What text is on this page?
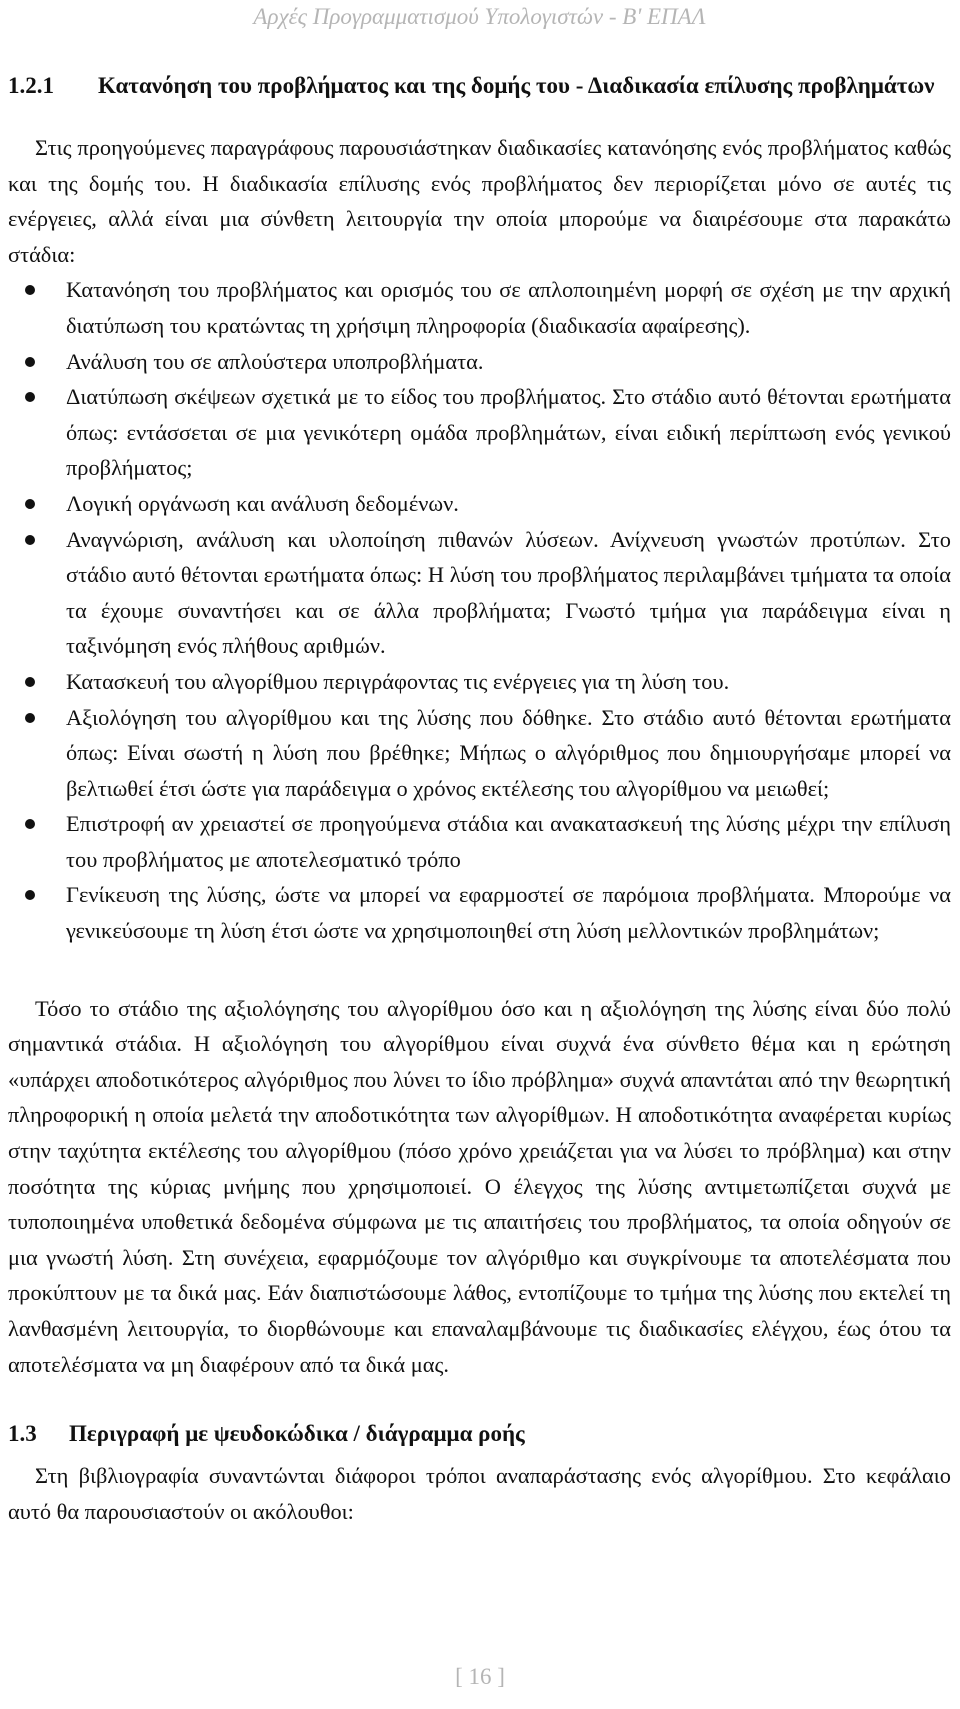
Αρχές Προγραμματισμού Υπολογιστών - Β' ΕΠΑΛ
1.2.1	Κατανόηση του προβλήματος και της δομής του - Διαδικασία επίλυσης προβλημάτων

Στις προηγούμενες παραγράφους παρουσιάστηκαν διαδικασίες κατανόησης ενός προβλήματος καθώς και της δομής του. Η διαδικασία επίλυσης ενός προβλήματος δεν περιορίζεται μόνο σε αυτές τις ενέργειες, αλλά είναι μια σύνθετη λειτουργία την οποία μπορούμε να διαιρέσουμε στα παρακάτω στάδια:

Κατανόηση του προβλήματος και ορισμός του σε απλοποιημένη μορφή σε σχέση με την αρχική διατύπωση του κρατώντας τη χρήσιμη πληροφορία (διαδικασία αφαίρεσης).
Ανάλυση του σε απλούστερα υποπροβλήματα.
Διατύπωση σκέψεων σχετικά με το είδος του προβλήματος. Στο στάδιο αυτό θέτονται ερωτήματα όπως: εντάσσεται σε μια γενικότερη ομάδα προβλημάτων, είναι ειδική περίπτωση ενός γενικού προβλήματος;
Λογική οργάνωση και ανάλυση δεδομένων.
Αναγνώριση, ανάλυση και υλοποίηση πιθανών λύσεων. Ανίχνευση γνωστών προτύπων. Στο στάδιο αυτό θέτονται ερωτήματα όπως: Η λύση του προβλήματος περιλαμβάνει τμήματα τα οποία τα έχουμε συναντήσει και σε άλλα προβλήματα; Γνωστό τμήμα για παράδειγμα είναι η ταξινόμηση ενός πλήθους αριθμών.
Κατασκευή του αλγορίθμου περιγράφοντας τις ενέργειες για τη λύση του.
Αξιολόγηση του αλγορίθμου και της λύσης που δόθηκε. Στο στάδιο αυτό θέτονται ερωτήματα όπως: Είναι σωστή η λύση που βρέθηκε; Μήπως ο αλγόριθμος που δημιουργήσαμε μπορεί να βελτιωθεί έτσι ώστε για παράδειγμα ο χρόνος εκτέλεσης του αλγορίθμου να μειωθεί;
Επιστροφή αν χρειαστεί σε προηγούμενα στάδια και ανακατασκευή της λύσης μέχρι την επίλυση του προβλήματος με αποτελεσματικό τρόπο
Γενίκευση της λύσης, ώστε να μπορεί να εφαρμοστεί σε παρόμοια προβλήματα. Μπορούμε να γενικεύσουμε τη λύση έτσι ώστε να χρησιμοποιηθεί στη λύση μελλοντικών προβλημάτων;

Τόσο το στάδιο της αξιολόγησης του αλγορίθμου όσο και η αξιολόγηση της λύσης είναι δύο πολύ σημαντικά στάδια. Η αξιολόγηση του αλγορίθμου είναι συχνά ένα σύνθετο θέμα και η ερώτηση «υπάρχει αποδοτικότερος αλγόριθμος που λύνει το ίδιο πρόβλημα» συχνά απαντάται από την θεωρητική πληροφορική η οποία μελετά την αποδοτικότητα των αλγορίθμων. Η αποδοτικότητα αναφέρεται κυρίως στην ταχύτητα εκτέλεσης του αλγορίθμου (πόσο χρόνο χρειάζεται για να λύσει το πρόβλημα) και στην ποσότητα της κύριας μνήμης που χρησιμοποιεί. Ο έλεγχος της λύσης αντιμετωπίζεται συχνά με τυποποιημένα υποθετικά δεδομένα σύμφωνα με τις απαιτήσεις του προβλήματος, τα οποία οδηγούν σε μια γνωστή λύση. Στη συνέχεια, εφαρμόζουμε τον αλγόριθμο και συγκρίνουμε τα αποτελέσματα που προκύπτουν με τα δικά μας. Εάν διαπιστώσουμε λάθος, εντοπίζουμε το τμήμα της λύσης που εκτελεί τη λανθασμένη λειτουργία, το διορθώνουμε και επαναλαμβάνουμε τις διαδικασίες ελέγχου, έως ότου τα αποτελέσματα να μη διαφέρουν από τα δικά μας.

1.3	Περιγραφή με ψευδοκώδικα / διάγραμμα ροής

Στη βιβλιογραφία συναντώνται διάφοροι τρόποι αναπαράστασης ενός αλγορίθμου. Στο κεφάλαιο αυτό θα παρουσιαστούν οι ακόλουθοι:

[ 16 ]
